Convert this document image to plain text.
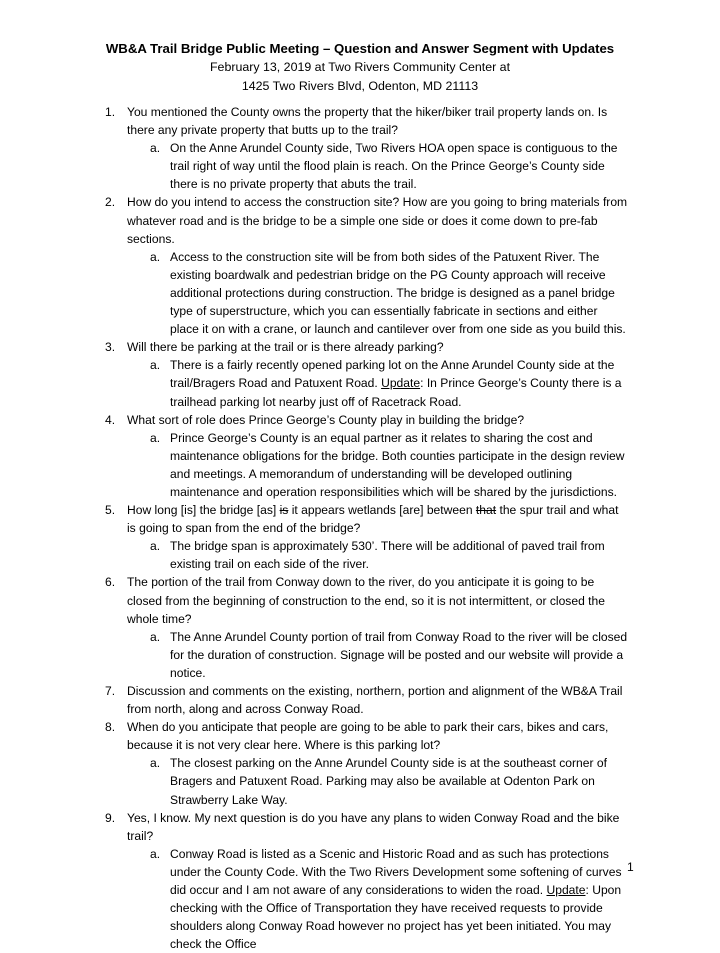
WB&A Trail Bridge Public Meeting – Question and Answer Segment with Updates
February 13, 2019 at Two Rivers Community Center at
1425 Two Rivers Blvd, Odenton, MD 21113
1. You mentioned the County owns the property that the hiker/biker trail property lands on. Is there any private property that butts up to the trail?
a. On the Anne Arundel County side, Two Rivers HOA open space is contiguous to the trail right of way until the flood plain is reach. On the Prince George’s County side there is no private property that abuts the trail.
2. How do you intend to access the construction site? How are you going to bring materials from whatever road and is the bridge to be a simple one side or does it come down to pre-fab sections.
a. Access to the construction site will be from both sides of the Patuxent River. The existing boardwalk and pedestrian bridge on the PG County approach will receive additional protections during construction. The bridge is designed as a panel bridge type of superstructure, which you can essentially fabricate in sections and either place it on with a crane, or launch and cantilever over from one side as you build this.
3. Will there be parking at the trail or is there already parking?
a. There is a fairly recently opened parking lot on the Anne Arundel County side at the trail/Bragers Road and Patuxent Road. Update: In Prince George’s County there is a trailhead parking lot nearby just off of Racetrack Road.
4. What sort of role does Prince George’s County play in building the bridge?
a. Prince George’s County is an equal partner as it relates to sharing the cost and maintenance obligations for the bridge. Both counties participate in the design review and meetings. A memorandum of understanding will be developed outlining maintenance and operation responsibilities which will be shared by the jurisdictions.
5. How long [is] the bridge [as] is it appears wetlands [are] between that the spur trail and what is going to span from the end of the bridge?
a. The bridge span is approximately 530’. There will be additional of paved trail from existing trail on each side of the river.
6. The portion of the trail from Conway down to the river, do you anticipate it is going to be closed from the beginning of construction to the end, so it is not intermittent, or closed the whole time?
a. The Anne Arundel County portion of trail from Conway Road to the river will be closed for the duration of construction. Signage will be posted and our website will provide a notice.
7. Discussion and comments on the existing, northern, portion and alignment of the WB&A Trail from north, along and across Conway Road.
8. When do you anticipate that people are going to be able to park their cars, bikes and cars, because it is not very clear here. Where is this parking lot?
a. The closest parking on the Anne Arundel County side is at the southeast corner of Bragers and Patuxent Road. Parking may also be available at Odenton Park on Strawberry Lake Way.
9. Yes, I know. My next question is do you have any plans to widen Conway Road and the bike trail?
a. Conway Road is listed as a Scenic and Historic Road and as such has protections under the County Code. With the Two Rivers Development some softening of curves did occur and I am not aware of any considerations to widen the road. Update: Upon checking with the Office of Transportation they have received requests to provide shoulders along Conway Road however no project has yet been initiated. You may check the Office
1
